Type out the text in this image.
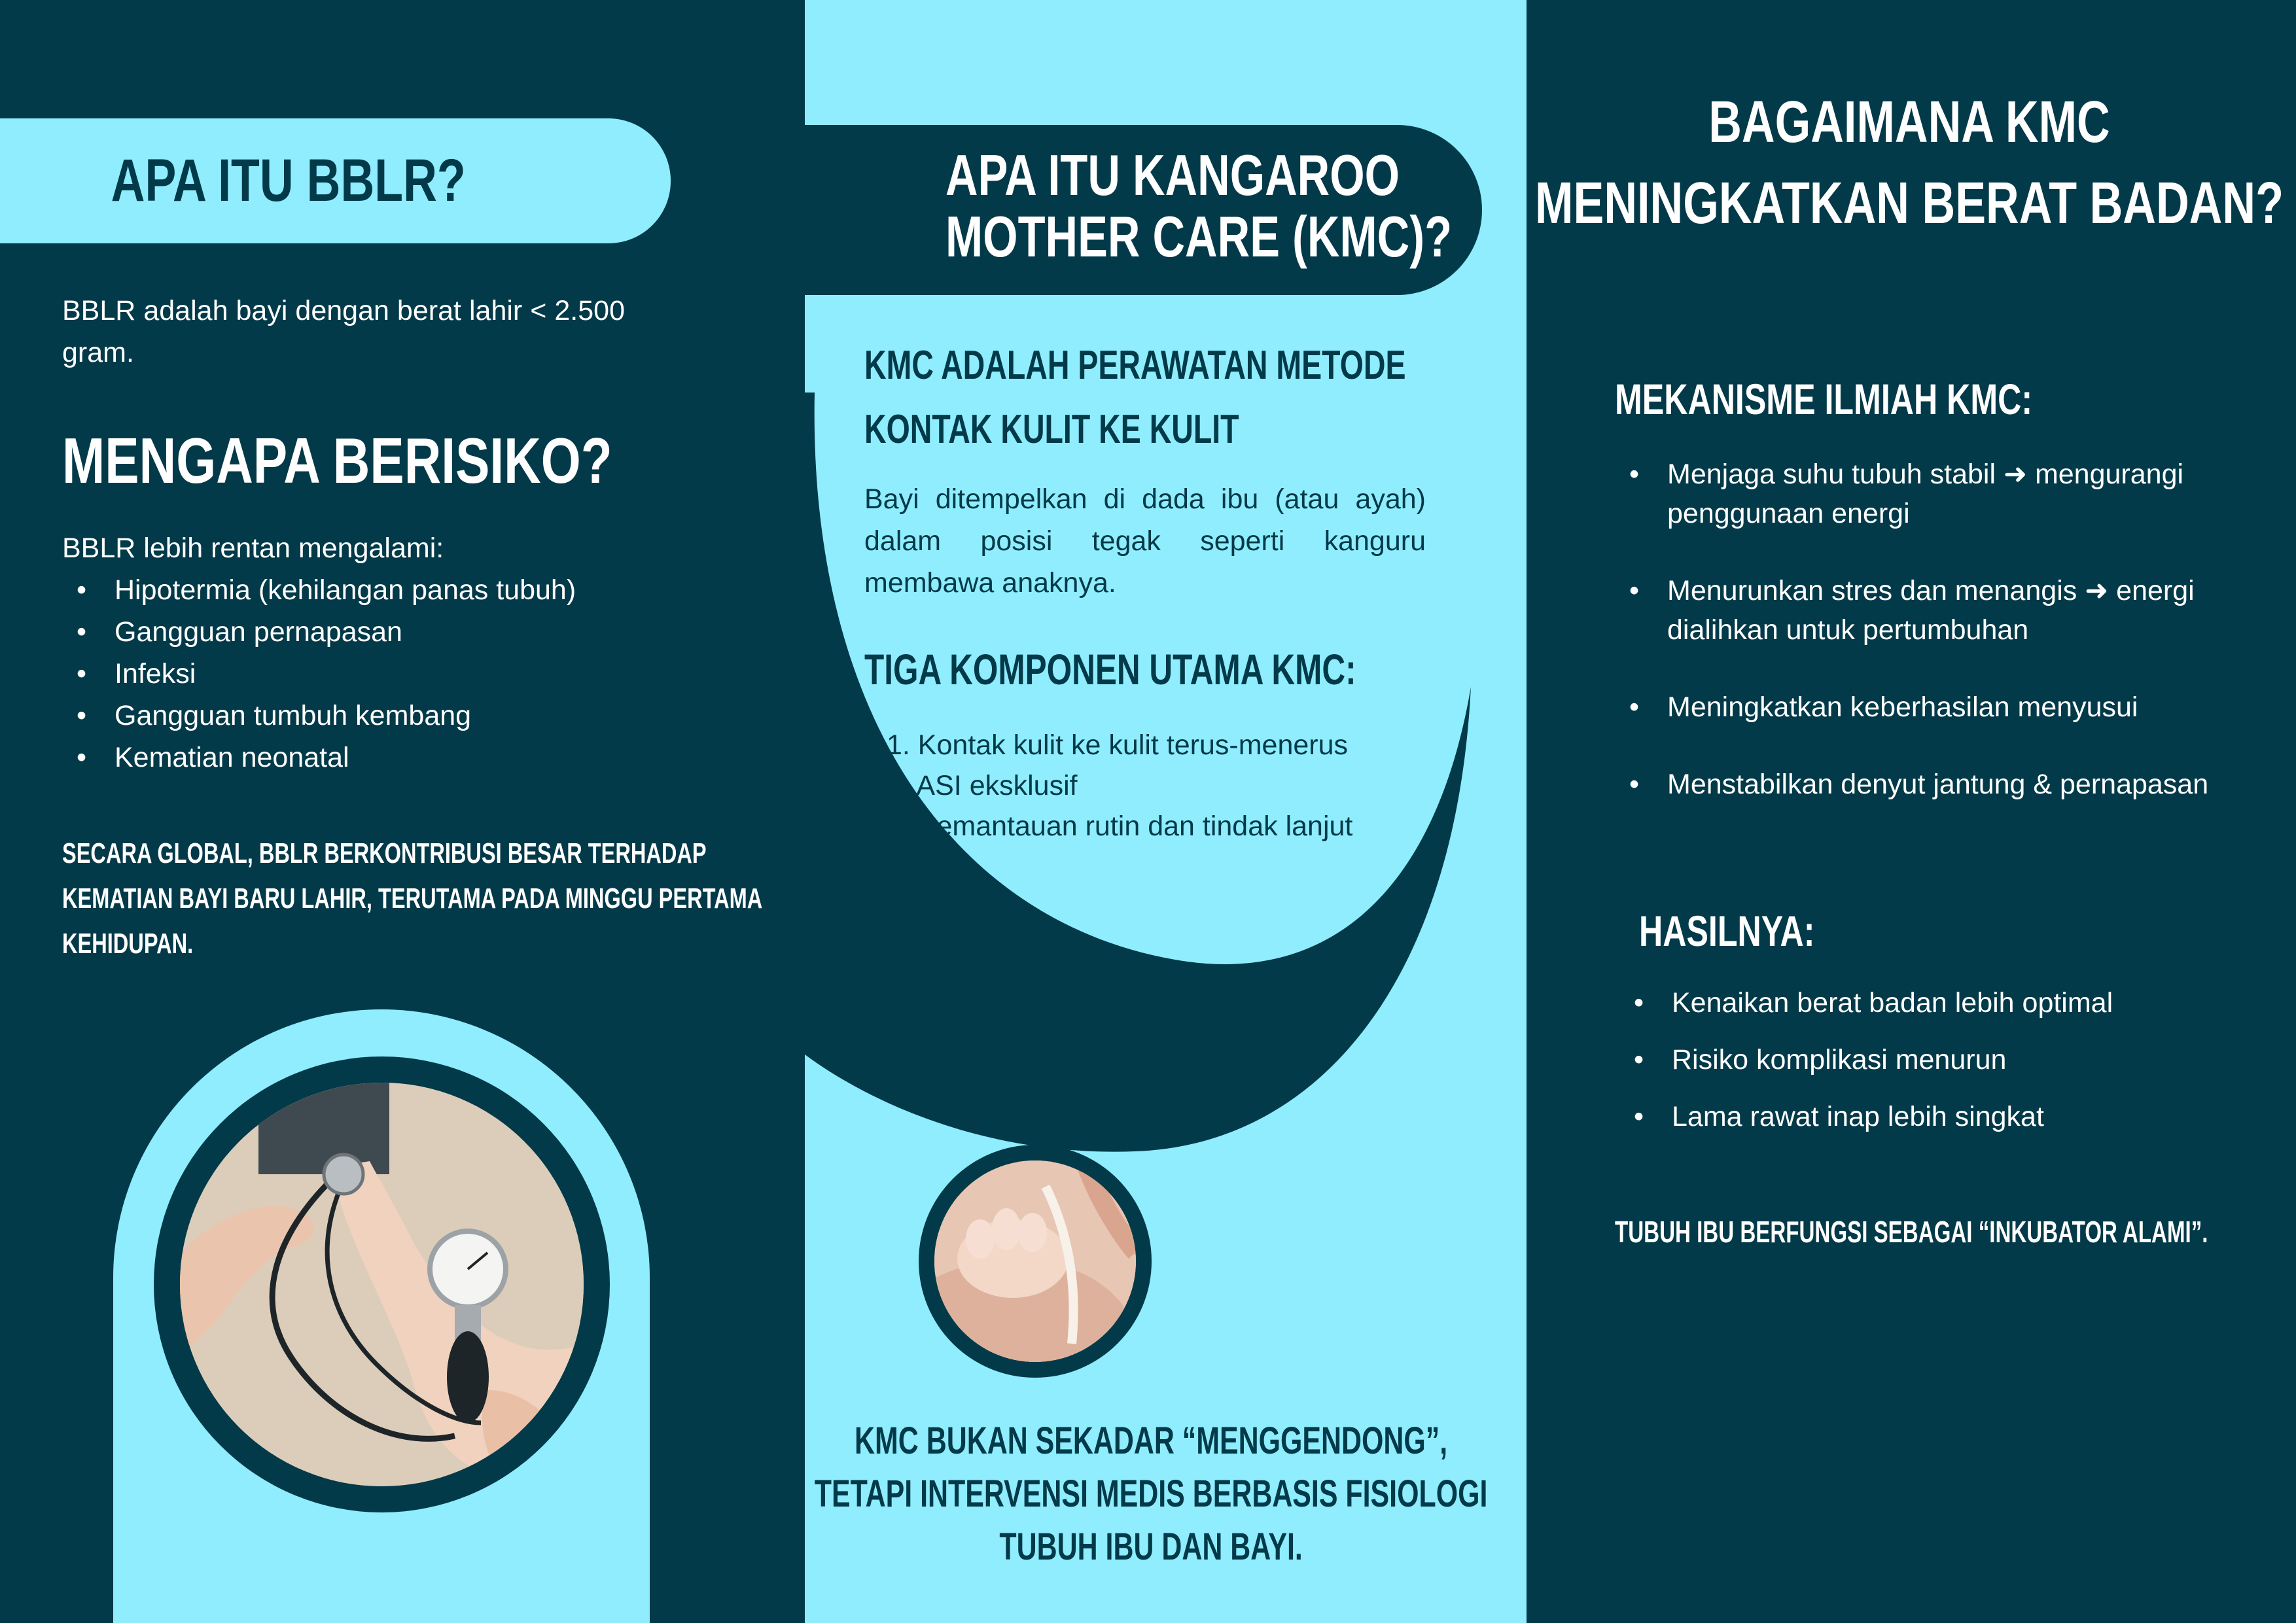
APA ITU BBLR?
BBLR adalah bayi dengan berat lahir < 2.500 gram.
MENGAPA BERISIKO?
BBLR lebih rentan mengalami:
• Hipotermia (kehilangan panas tubuh)
• Gangguan pernapasan
• Infeksi
• Gangguan tumbuh kembang
• Kematian neonatal
SECARA GLOBAL, BBLR BERKONTRIBUSI BESAR TERHADAP KEMATIAN BAYI BARU LAHIR, TERUTAMA PADA MINGGU PERTAMA KEHIDUPAN.
APA ITU KANGAROO MOTHER CARE (KMC)?
KMC ADALAH PERAWATAN METODE KONTAK KULIT KE KULIT
Bayi ditempelkan di dada ibu (atau ayah) dalam posisi tegak seperti kanguru membawa anaknya.
TIGA KOMPONEN UTAMA KMC:
1. Kontak kulit ke kulit terus-menerus
2. ASI eksklusif
3. Pemantauan rutin dan tindak lanjut
KMC BUKAN SEKADAR “MENGGENDONG”, TETAPI INTERVENSI MEDIS BERBASIS FISIOLOGI TUBUH IBU DAN BAYI.
BAGAIMANA KMC MENINGKATKAN BERAT BADAN?
MEKANISME ILMIAH KMC:
• Menjaga suhu tubuh stabil ➜ mengurangi penggunaan energi
• Menurunkan stres dan menangis ➜ energi dialihkan untuk pertumbuhan
• Meningkatkan keberhasilan menyusui
• Menstabilkan denyut jantung & pernapasan
HASILNYA:
• Kenaikan berat badan lebih optimal
• Risiko komplikasi menurun
• Lama rawat inap lebih singkat
TUBUH IBU BERFUNGSI SEBAGAI “INKUBATOR ALAMI”.
